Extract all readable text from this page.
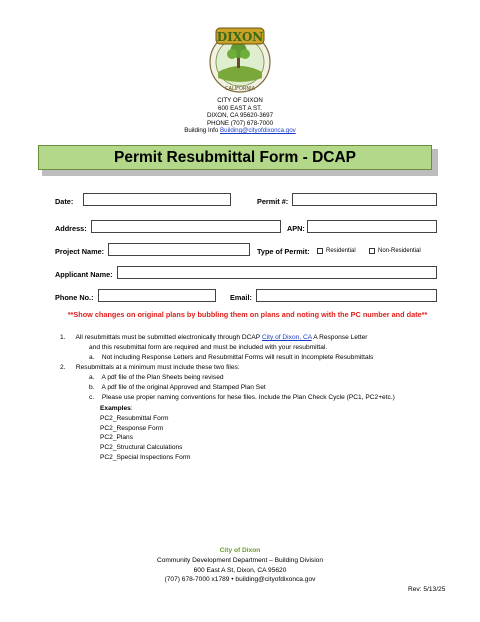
DIXON
CALIFORNIA
CITY OF DIXON
600 EAST A ST.
DIXON, CA 95620-3697
PHONE (707) 678-7000
Building Info Building@cityofdixonca.gov
Permit Resubmittal Form - DCAP
Date:	Permit #:
Address:	APN:
Project Name:	Type of Permit:	Residential	Non-Residential
Applicant Name:
Phone No.:	Email:
**Show changes on original plans by bubbling them on plans and noting with the PC number and date**
1. All resubmittals must be submitted electronically through DCAP City of Dixon, CA A Response Letter
and this resubmittal form are required and must be included with your resubmittal.
a. Not including Response Letters and Resubmittal Forms will result in Incomplete Resubmittals
2. Resubmittals at a minimum must include these two files:
a. A pdf file of the Plan Sheets being revised
b. A pdf file of the original Approved and Stamped Plan Set
c. Please use proper naming conventions for hese files. Include the Plan Check Cycle (PC1, PC2+etc.)
Examples:
PC2_Resubmittal Form
PC2_Response Form
PC2_Plans
PC2_Structural Calculations
PC2_Special Inspections Form
City of Dixon
Community Development Department – Building Division
600 East A St, Dixon, CA 95620
(707) 678-7000 x1789 • building@cityofdixonca.gov
Rev: 5/13/25
